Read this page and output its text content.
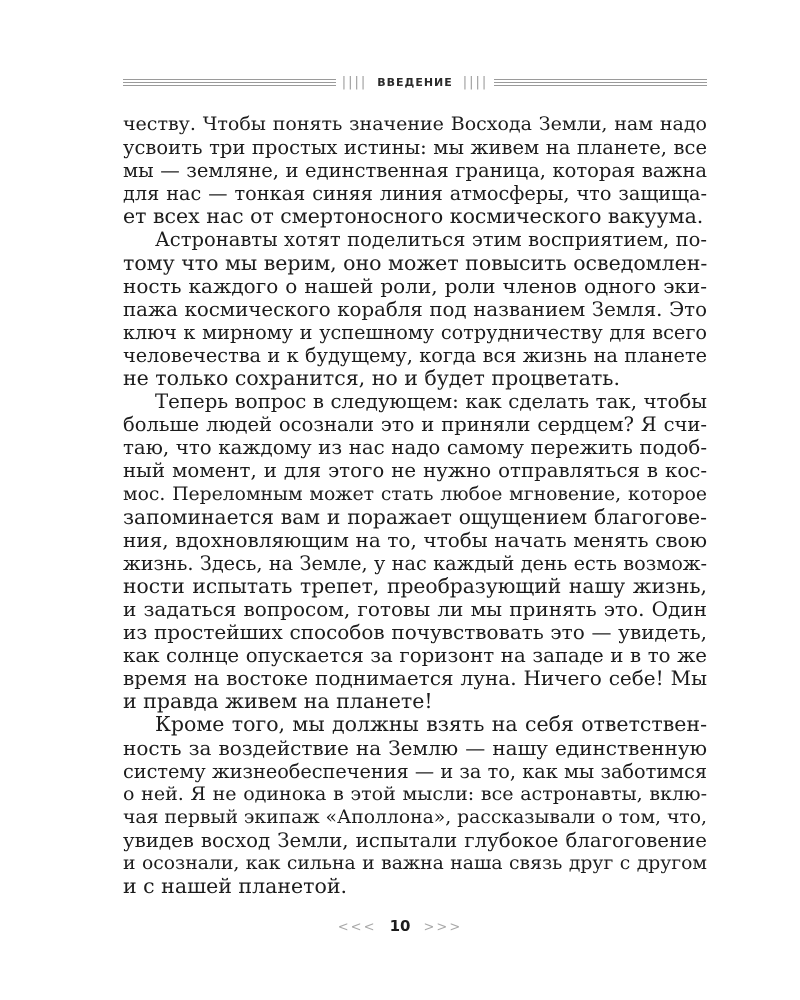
|||| ВВЕДЕНИЕ ||||
честву. Чтобы понять значение Восхода Земли, нам надо
усвоить три простых истины: мы живем на планете, все
мы — земляне, и единственная граница, которая важна
для нас — тонкая синяя линия атмосферы, что защища-
ет всех нас от смертоносного космического вакуума.
Астронавты хотят поделиться этим восприятием, по-
тому что мы верим, оно может повысить осведомлен-
ность каждого о нашей роли, роли членов одного эки-
пажа космического корабля под названием Земля. Это
ключ к мирному и успешному сотрудничеству для всего
человечества и к будущему, когда вся жизнь на планете
не только сохранится, но и будет процветать.
Теперь вопрос в следующем: как сделать так, чтобы
больше людей осознали это и приняли сердцем? Я счи-
таю, что каждому из нас надо самому пережить подоб-
ный момент, и для этого не нужно отправляться в кос-
мос. Переломным может стать любое мгновение, которое
запоминается вам и поражает ощущением благогове-
ния, вдохновляющим на то, чтобы начать менять свою
жизнь. Здесь, на Земле, у нас каждый день есть возмож-
ности испытать трепет, преобразующий нашу жизнь,
и задаться вопросом, готовы ли мы принять это. Один
из простейших способов почувствовать это — увидеть,
как солнце опускается за горизонт на западе и в то же
время на востоке поднимается луна. Ничего себе! Мы
и правда живем на планете!
Кроме того, мы должны взять на себя ответствен-
ность за воздействие на Землю — нашу единственную
систему жизнеобеспечения — и за то, как мы заботимся
о ней. Я не одинока в этой мысли: все астронавты, вклю-
чая первый экипаж «Аполлона», рассказывали о том, что,
увидев восход Земли, испытали глубокое благоговение
и осознали, как сильна и важна наша связь друг с другом
и с нашей планетой.
<<< 10 >>>
